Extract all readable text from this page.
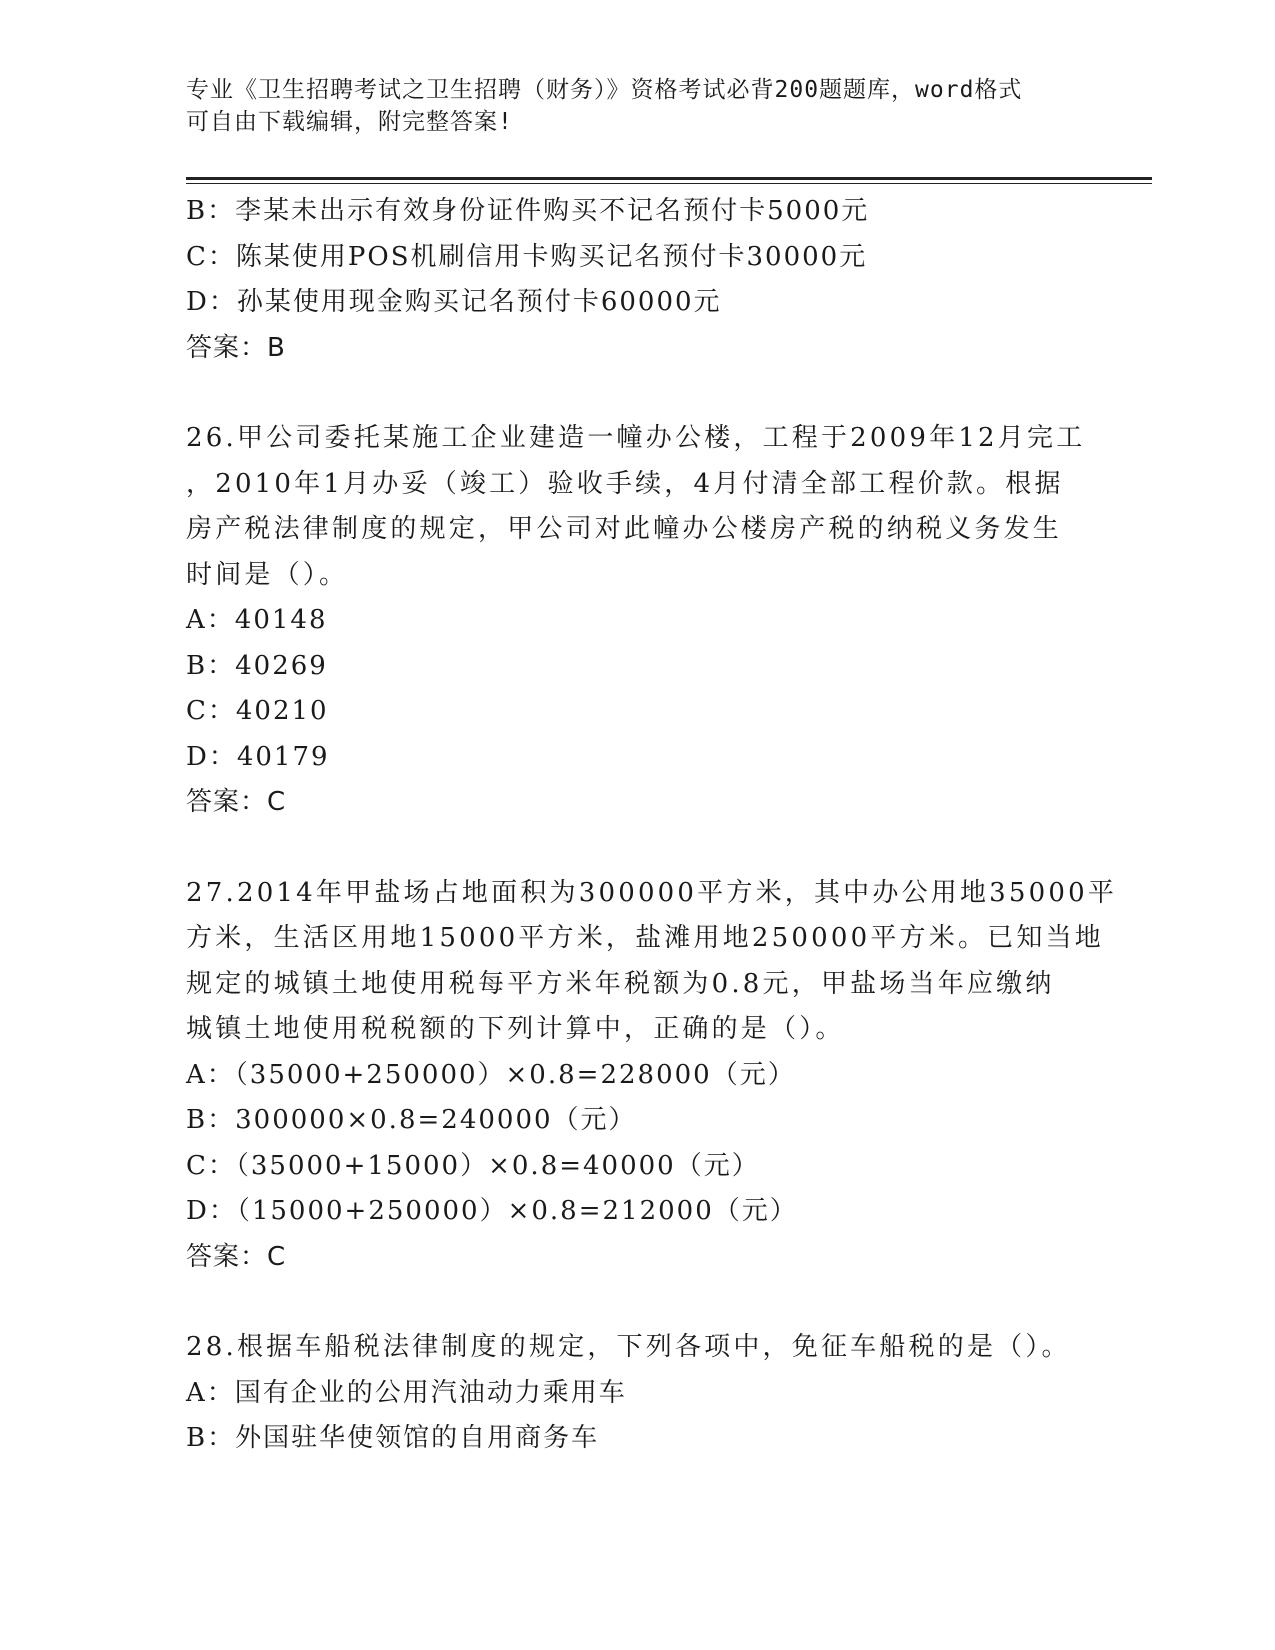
专业《卫生招聘考试之卫生招聘（财务）》资格考试必背200题题库，word格式
可自由下载编辑，附完整答案!
B：李某未出示有效身份证件购买不记名预付卡5000元
C：陈某使用POS机刷信用卡购买记名预付卡30000元
D：孙某使用现金购买记名预付卡60000元
答案：B
26.甲公司委托某施工企业建造一幢办公楼，工程于2009年12月完工
，2010年1月办妥（竣工）验收手续，4月付清全部工程价款。根据
房产税法律制度的规定，甲公司对此幢办公楼房产税的纳税义务发生
时间是（）。
A：40148
B：40269
C：40210
D：40179
答案：C
27.2014年甲盐场占地面积为300000平方米，其中办公用地35000平
方米，生活区用地15000平方米，盐滩用地250000平方米。已知当地
规定的城镇土地使用税每平方米年税额为0.8元，甲盐场当年应缴纳
城镇土地使用税税额的下列计算中，正确的是（）。
A：（35000+250000）×0.8=228000（元）
B：300000×0.8=240000（元）
C：（35000+15000）×0.8=40000（元）
D：（15000+250000）×0.8=212000（元）
答案：C
28.根据车船税法律制度的规定，下列各项中，免征车船税的是（）。
A：国有企业的公用汽油动力乘用车
B：外国驻华使领馆的自用商务车
